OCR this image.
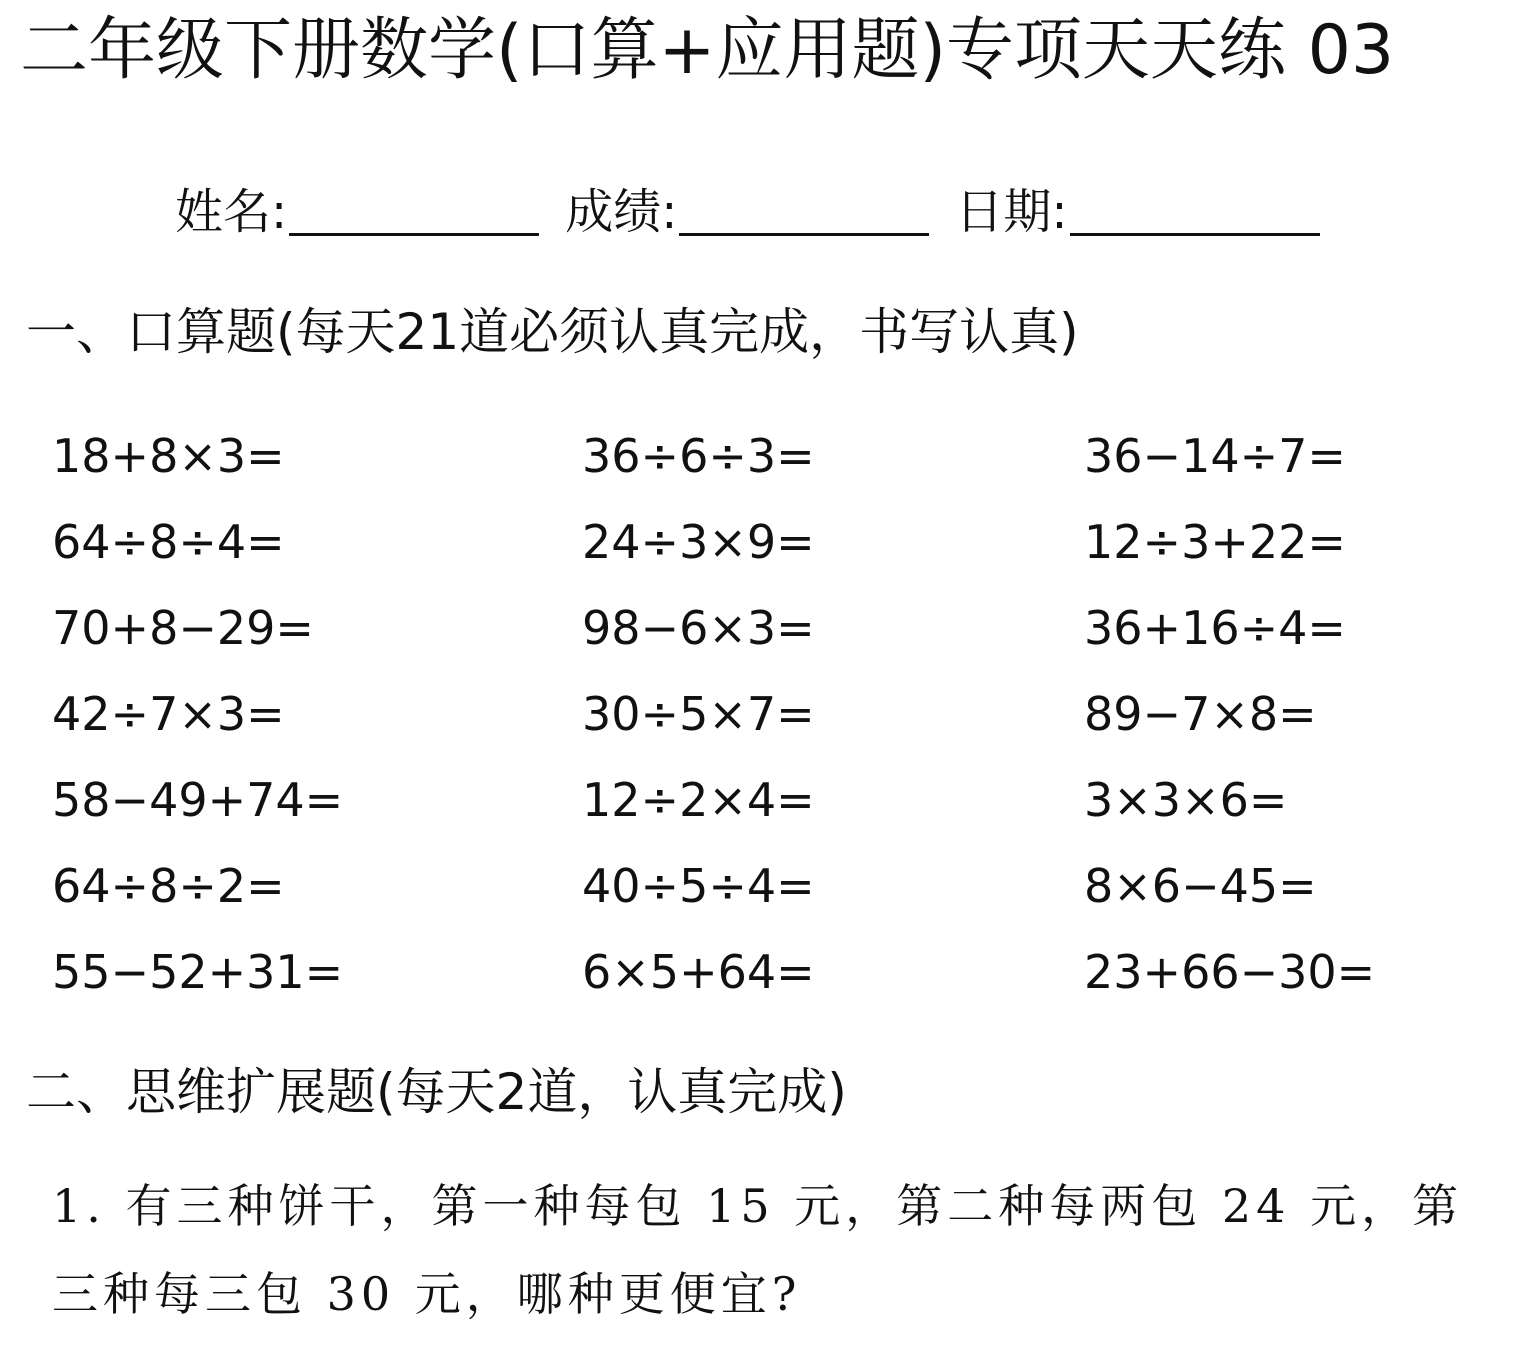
二年级下册数学(口算+应用题)专项天天练 03
姓名:	成绩:	日期:
一、口算题(每天21道必须认真完成，书写认真)
18+8×3=
64÷8÷4=
70+8−29=
42÷7×3=
58−49+74=
64÷8÷2=
55−52+31=
36÷6÷3=
24÷3×9=
98−6×3=
30÷5×7=
12÷2×4=
40÷5÷4=
6×5+64=
36−14÷7=
12÷3+22=
36+16÷4=
89−7×8=
3×3×6=
8×6−45=
23+66−30=
二、思维扩展题(每天2道，认真完成)
1. 有三种饼干，第一种每包 15 元，第二种每两包 24 元，第三种每三包 30 元，哪种更便宜?
